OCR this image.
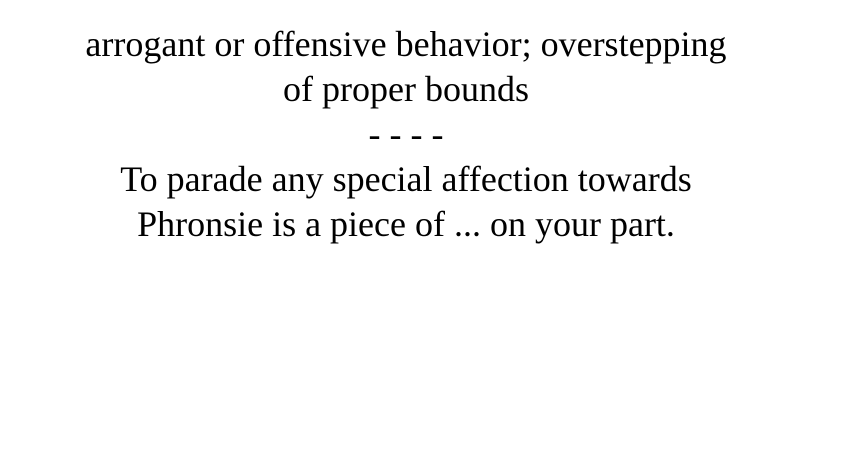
arrogant or offensive behavior; overstepping
of proper bounds
- - - -
To parade any special affection towards
Phronsie is a piece of ... on your part.
